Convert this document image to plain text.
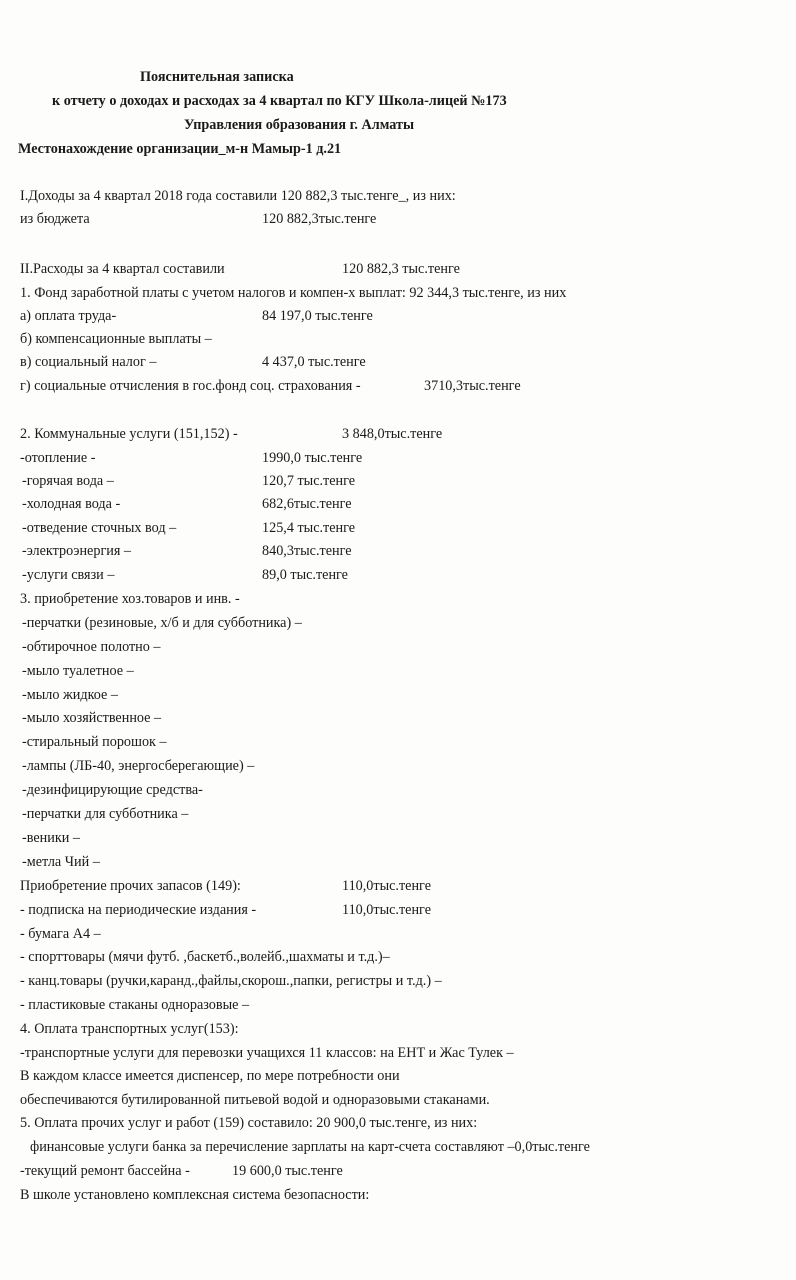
Пояснительная записка
к отчету о доходах и расходах за 4 квартал по КГУ Школа-лицей №173
Управления образования г. Алматы
Местонахождение организации_м-н Мамыр-1 д.21
I.Доходы за 4 квартал 2018 года составили 120 882,3 тыс.тенге_, из них:
из бюджета	120 882,3тыс.тенге
II.Расходы за 4 квартал составили	120 882,3 тыс.тенге
1. Фонд заработной платы с учетом налогов и компен-х выплат: 92 344,3 тыс.тенге, из них
а) оплата труда-	84 197,0 тыс.тенге
б) компенсационные выплаты –
в) социальный налог –	4 437,0 тыс.тенге
г) социальные отчисления в гос.фонд соц. страхования -	3710,3тыс.тенге
2. Коммунальные услуги (151,152) -	3 848,0тыс.тенге
-отопление -	1990,0 тыс.тенге
-горячая вода –	120,7 тыс.тенге
-холодная вода -	682,6тыс.тенге
-отведение сточных вод –	125,4 тыс.тенге
-электроэнергия –	840,3тыс.тенге
-услуги связи –	89,0 тыс.тенге
3. приобретение хоз.товаров и инв. -
-перчатки (резиновые, х/б и для субботника) –
-обтирочное полотно –
-мыло туалетное –
-мыло жидкое –
-мыло хозяйственное –
-стиральный порошок –
-лампы (ЛБ-40, энергосберегающие) –
-дезинфицирующие средства-
-перчатки для субботника –
-веники –
-метла Чий –
Приобретение прочих запасов (149):	110,0тыс.тенге
- подписка на периодические издания -	110,0тыс.тенге
- бумага А4 –
- спорттовары (мячи футб. ,баскетб.,волейб.,шахматы и т.д.)–
- канц.товары (ручки,каранд.,файлы,скорош.,папки, регистры и т.д.) –
- пластиковые стаканы одноразовые –
4. Оплата транспортных услуг(153):
-транспортные услуги для перевозки учащихся 11 классов: на ЕНТ и Жас Тулек –
В каждом классе имеется диспенсер, по мере потребности они
обеспечиваются бутилированной питьевой водой и одноразовыми стаканами.
5. Оплата прочих услуг и работ (159) составило: 20 900,0 тыс.тенге, из них:
финансовые услуги банка за перечисление зарплаты на карт-счета составляют –0,0тыс.тенге
-текущий ремонт бассейна -	19 600,0 тыс.тенге
В школе установлено комплексная система безопасности:
